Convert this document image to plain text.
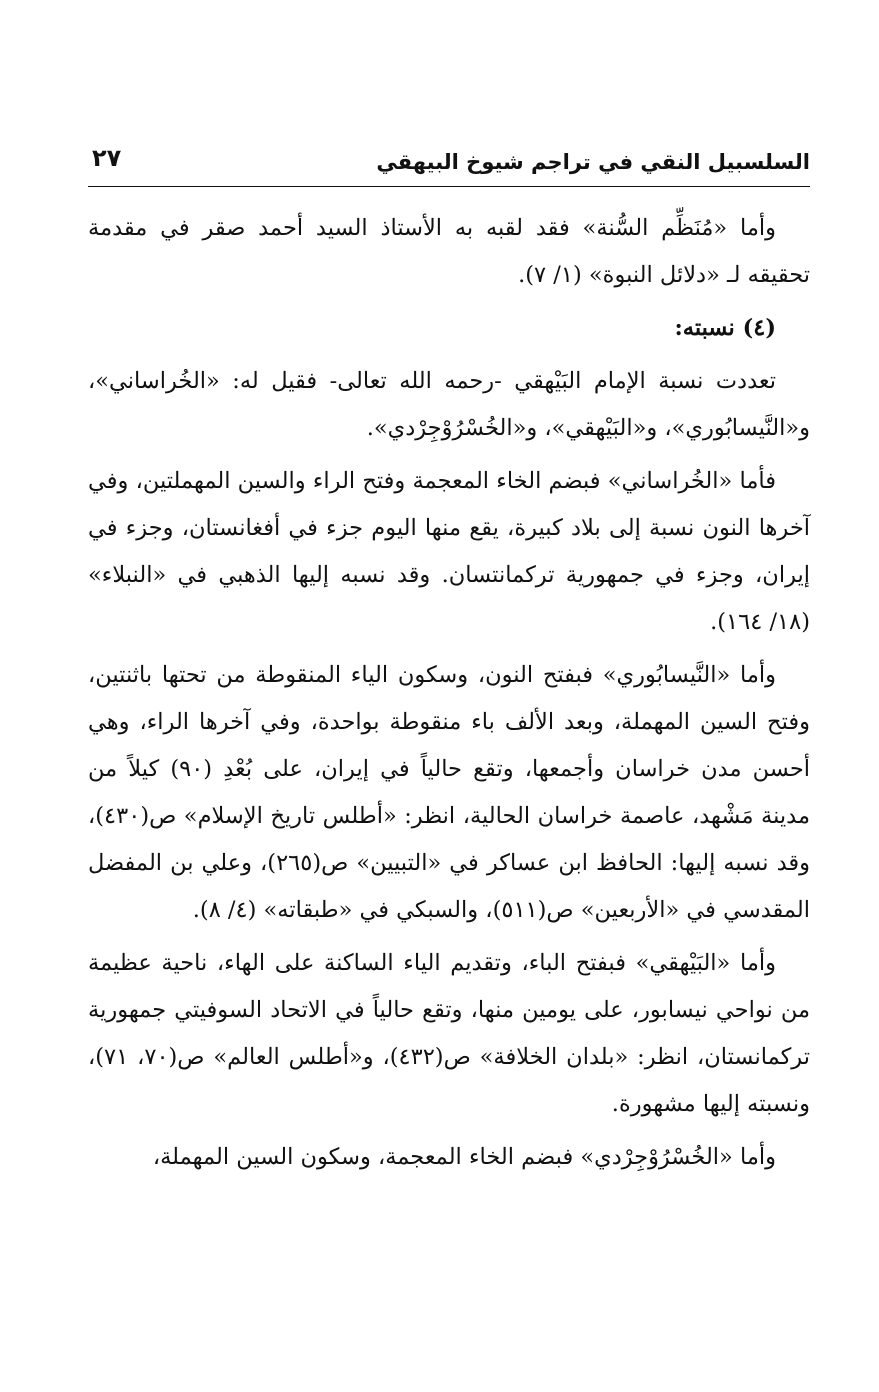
السلسبيل النقي في تراجم شيوخ البيهقي
٢٧

وأما «مُنَظِّم السُّنة» فقد لقبه به الأستاذ السيد أحمد صقر في مقدمة تحقيقه لـ «دلائل النبوة» (١/ ٧).

(٤) نسبته:

تعددت نسبة الإمام البَيْهقي -رحمه الله تعالى- فقيل له: «الخُراساني»، و«النَّيسابُوري»، و«البَيْهقي»، و«الخُسْرُوْجِرْدي».

فأما «الخُراساني» فبضم الخاء المعجمة وفتح الراء والسين المهملتين، وفي آخرها النون نسبة إلى بلاد كبيرة، يقع منها اليوم جزء في أفغانستان، وجزء في إيران، وجزء في جمهورية تركمانتسان. وقد نسبه إليها الذهبي في «النبلاء» (١٨/ ١٦٤).

وأما «النَّيسابُوري» فبفتح النون، وسكون الياء المنقوطة من تحتها باثنتين، وفتح السين المهملة، وبعد الألف باء منقوطة بواحدة، وفي آخرها الراء، وهي أحسن مدن خراسان وأجمعها، وتقع حالياً في إيران، على بُعْدِ (٩٠) كيلاً من مدينة مَشْهد، عاصمة خراسان الحالية، انظر: «أطلس تاريخ الإسلام» ص(٤٣٠)، وقد نسبه إليها: الحافظ ابن عساكر في «التبيين» ص(٢٦٥)، وعلي بن المفضل المقدسي في «الأربعين» ص(٥١١)، والسبكي في «طبقاته» (٤/ ٨).

وأما «البَيْهقي» فبفتح الباء، وتقديم الياء الساكنة على الهاء، ناحية عظيمة من نواحي نيسابور، على يومين منها، وتقع حالياً في الاتحاد السوفيتي جمهورية تركمانستان، انظر: «بلدان الخلافة» ص(٤٣٢)، و«أطلس العالم» ص(٧٠، ٧١)، ونسبته إليها مشهورة.

وأما «الخُسْرُوْجِرْدي» فبضم الخاء المعجمة، وسكون السين المهملة،
